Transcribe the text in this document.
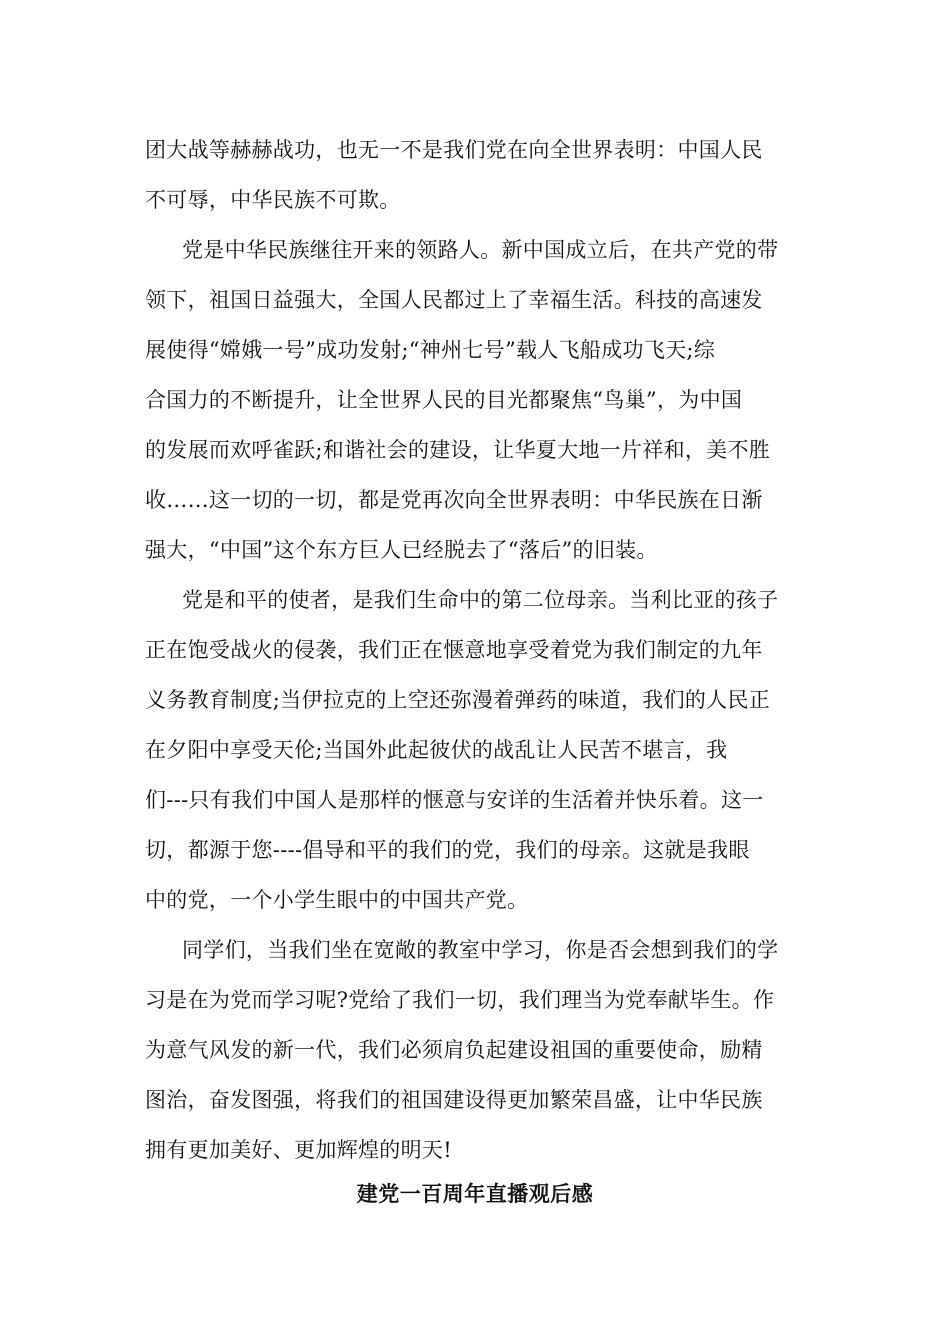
团大战等赫赫战功，也无一不是我们党在向全世界表明：中国人民
不可辱，中华民族不可欺。
党是中华民族继往开来的领路人。新中国成立后，在共产党的带
领下，祖国日益强大，全国人民都过上了幸福生活。科技的高速发
展使得“嫦娥一号”成功发射;“神州七号”载人飞船成功飞天;综
合国力的不断提升，让全世界人民的目光都聚焦“鸟巢”，为中国
的发展而欢呼雀跃;和谐社会的建设，让华夏大地一片祥和，美不胜
收……这一切的一切，都是党再次向全世界表明：中华民族在日渐
强大，“中国”这个东方巨人已经脱去了“落后”的旧装。
党是和平的使者，是我们生命中的第二位母亲。当利比亚的孩子
正在饱受战火的侵袭，我们正在惬意地享受着党为我们制定的九年
义务教育制度;当伊拉克的上空还弥漫着弹药的味道，我们的人民正
在夕阳中享受天伦;当国外此起彼伏的战乱让人民苦不堪言，我
们---只有我们中国人是那样的惬意与安详的生活着并快乐着。这一
切，都源于您----倡导和平的我们的党，我们的母亲。这就是我眼
中的党，一个小学生眼中的中国共产党。
同学们，当我们坐在宽敞的教室中学习，你是否会想到我们的学
习是在为党而学习呢?党给了我们一切，我们理当为党奉献毕生。作
为意气风发的新一代，我们必须肩负起建设祖国的重要使命，励精
图治，奋发图强，将我们的祖国建设得更加繁荣昌盛，让中华民族
拥有更加美好、更加辉煌的明天!
建党一百周年直播观后感
